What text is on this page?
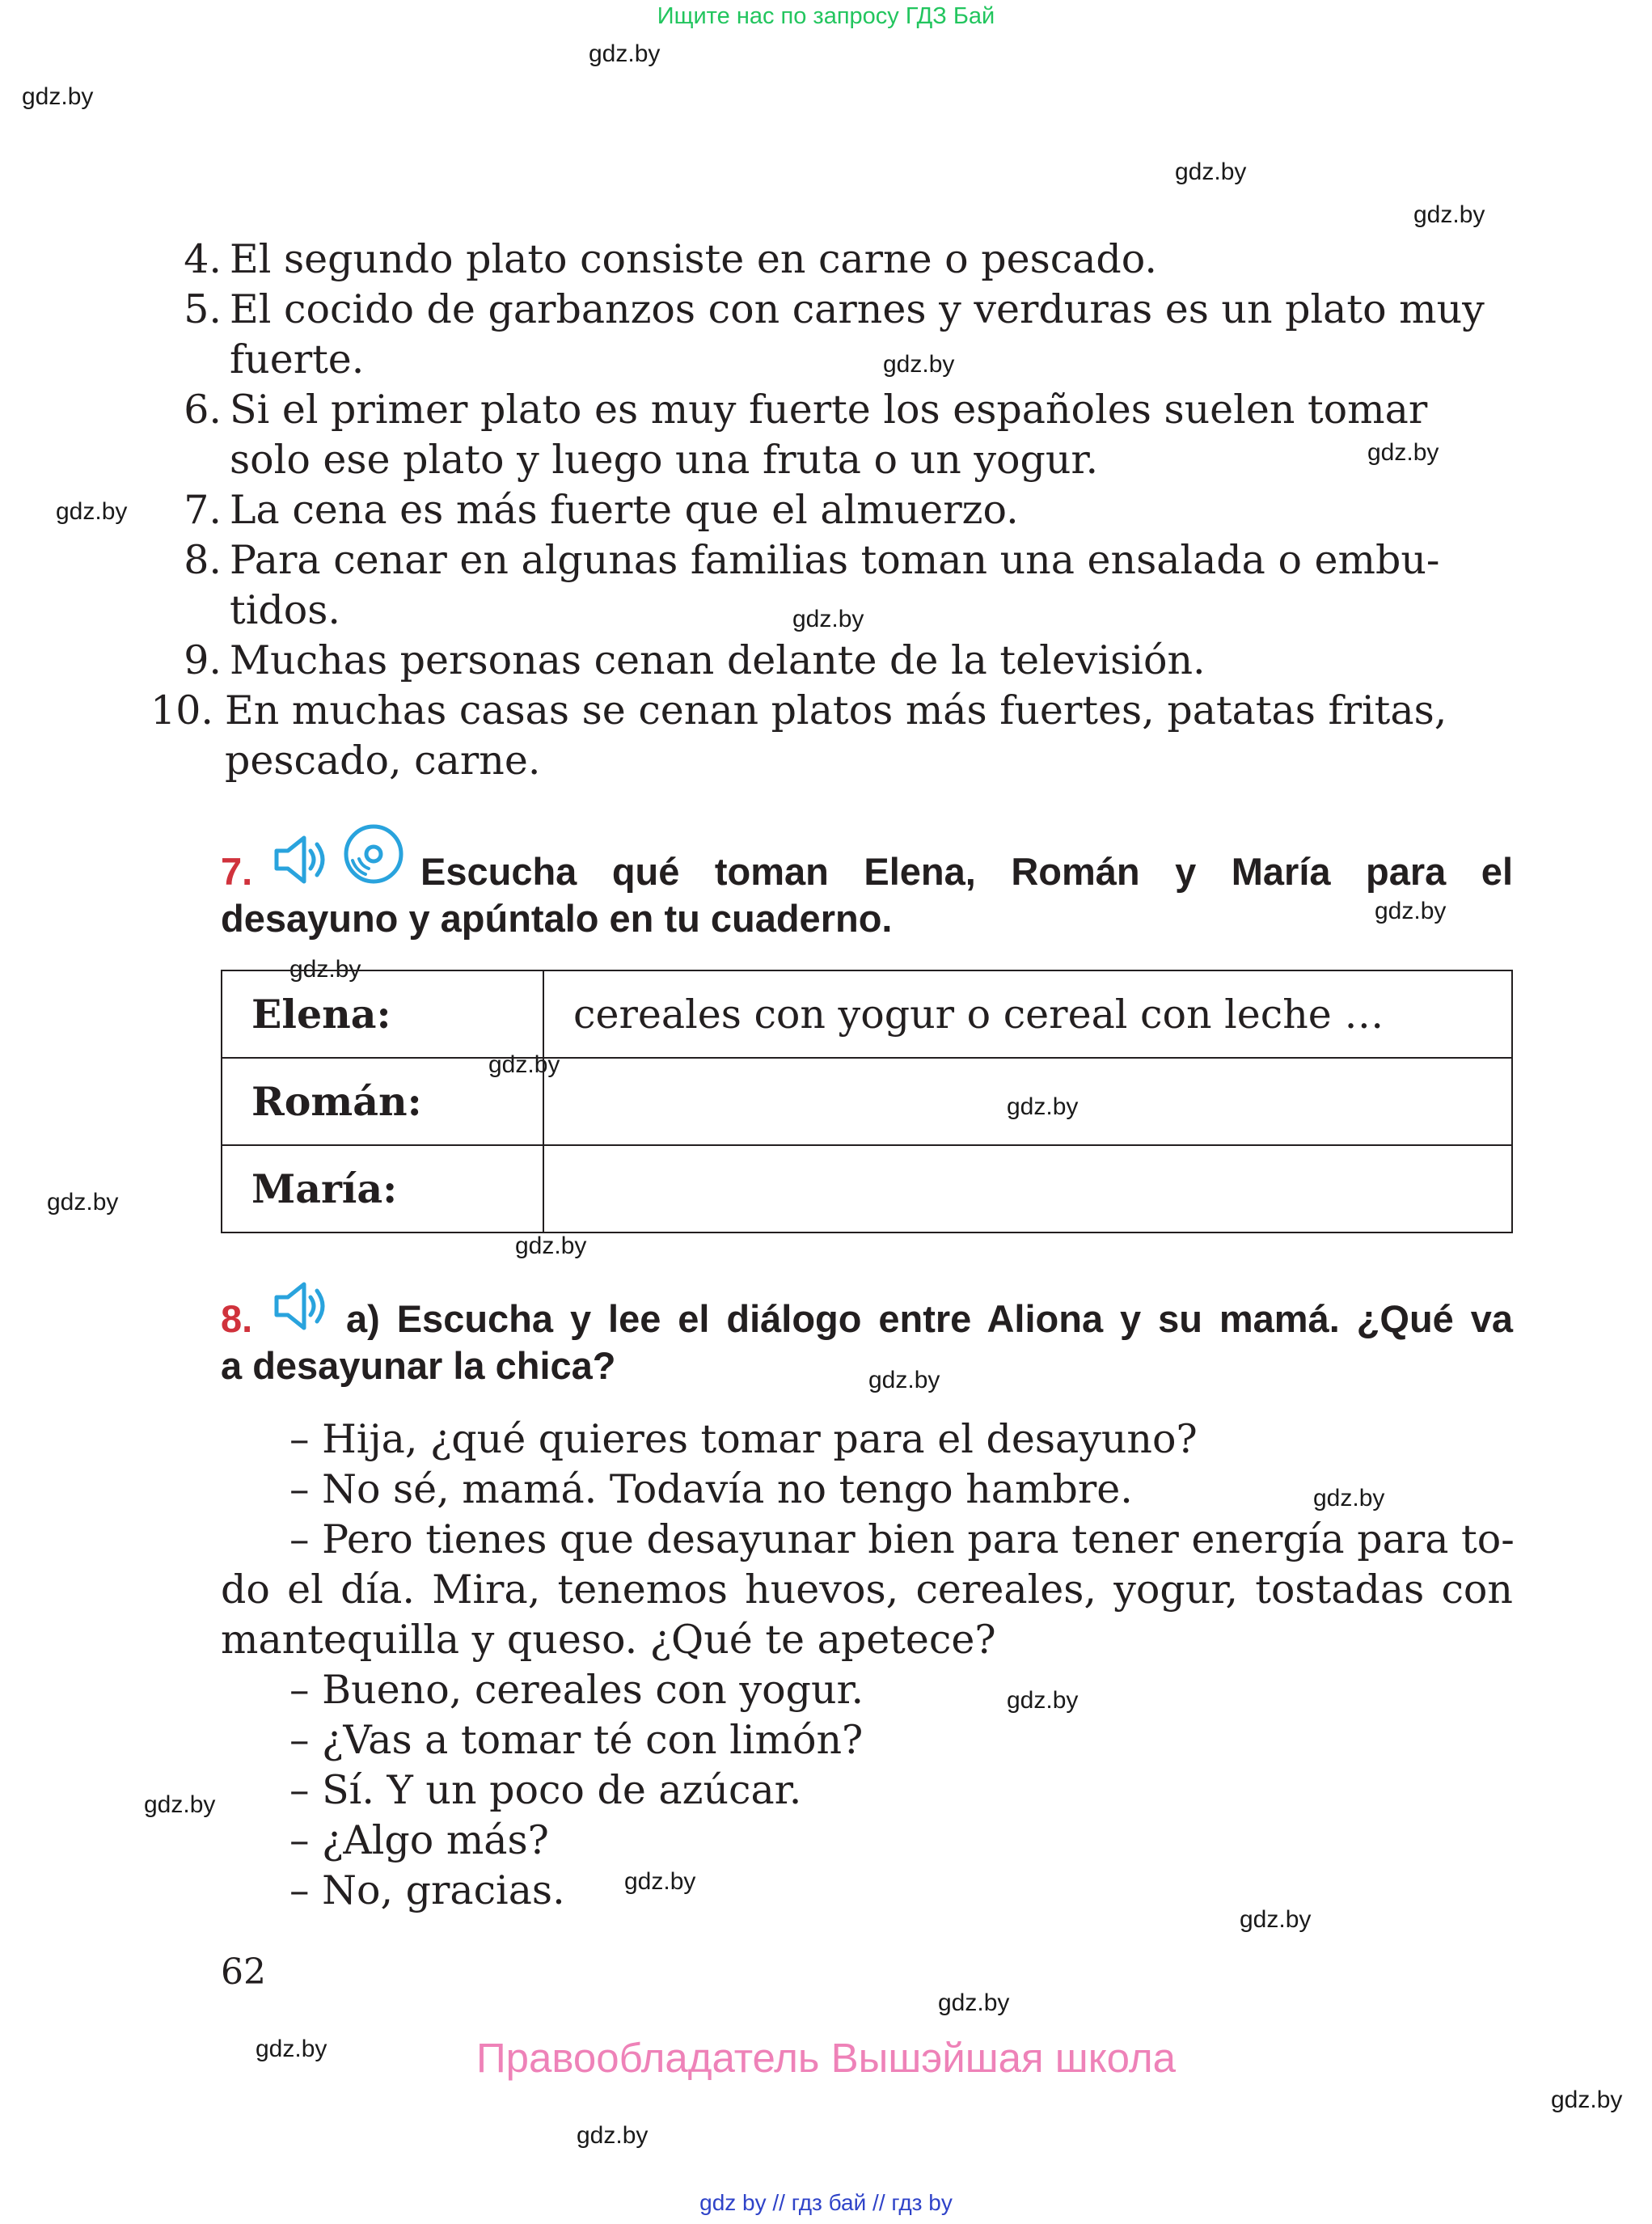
Ищите нас по запросу ГДЗ Бай
gdz.by
gdz.by
gdz.by
gdz.by
gdz.by
gdz.by
gdz.by
gdz.by
gdz.by
gdz.by
gdz.by
gdz.by
gdz.by
gdz.by
gdz.by
gdz.by
gdz.by
gdz.by
gdz.by
gdz.by
gdz.by
gdz.by
gdz.by
gdz.by
4. El segundo plato consiste en carne o pescado.
5. El cocido de garbanzos con carnes y verduras es un plato muy
fuerte.
6. Si el primer plato es muy fuerte los españoles suelen tomar
solo ese plato y luego una fruta o un yogur.
7. La cena es más fuerte que el almuerzo.
8. Para cenar en algunas familias toman una ensalada o embu-
tidos.
9. Muchas personas cenan delante de la televisión.
10. En muchas casas se cenan platos más fuertes, patatas fritas,
pescado, carne.
7.	Escucha qué toman Elena, Román y María para el
desayuno y apúntalo en tu cuaderno.
Elena:	cereales con yogur o cereal con leche …
Román:	
María:	
8. a) Escucha y lee el diálogo entre Aliona y su mamá. ¿Qué va
a desayunar la chica?
– Hija, ¿qué quieres tomar para el desayuno?
– No sé, mamá. Todavía no tengo hambre.
– Pero tienes que desayunar bien para tener energía para to-
do el día. Mira, tenemos huevos, cereales, yogur, tostadas con
mantequilla y queso. ¿Qué te apetece?
– Bueno, cereales con yogur.
– ¿Vas a tomar té con limón?
– Sí. Y un poco de azúcar.
– ¿Algo más?
– No, gracias.
62
Правообладатель Вышэйшая школа
gdz by // гдз бай // гдз by
